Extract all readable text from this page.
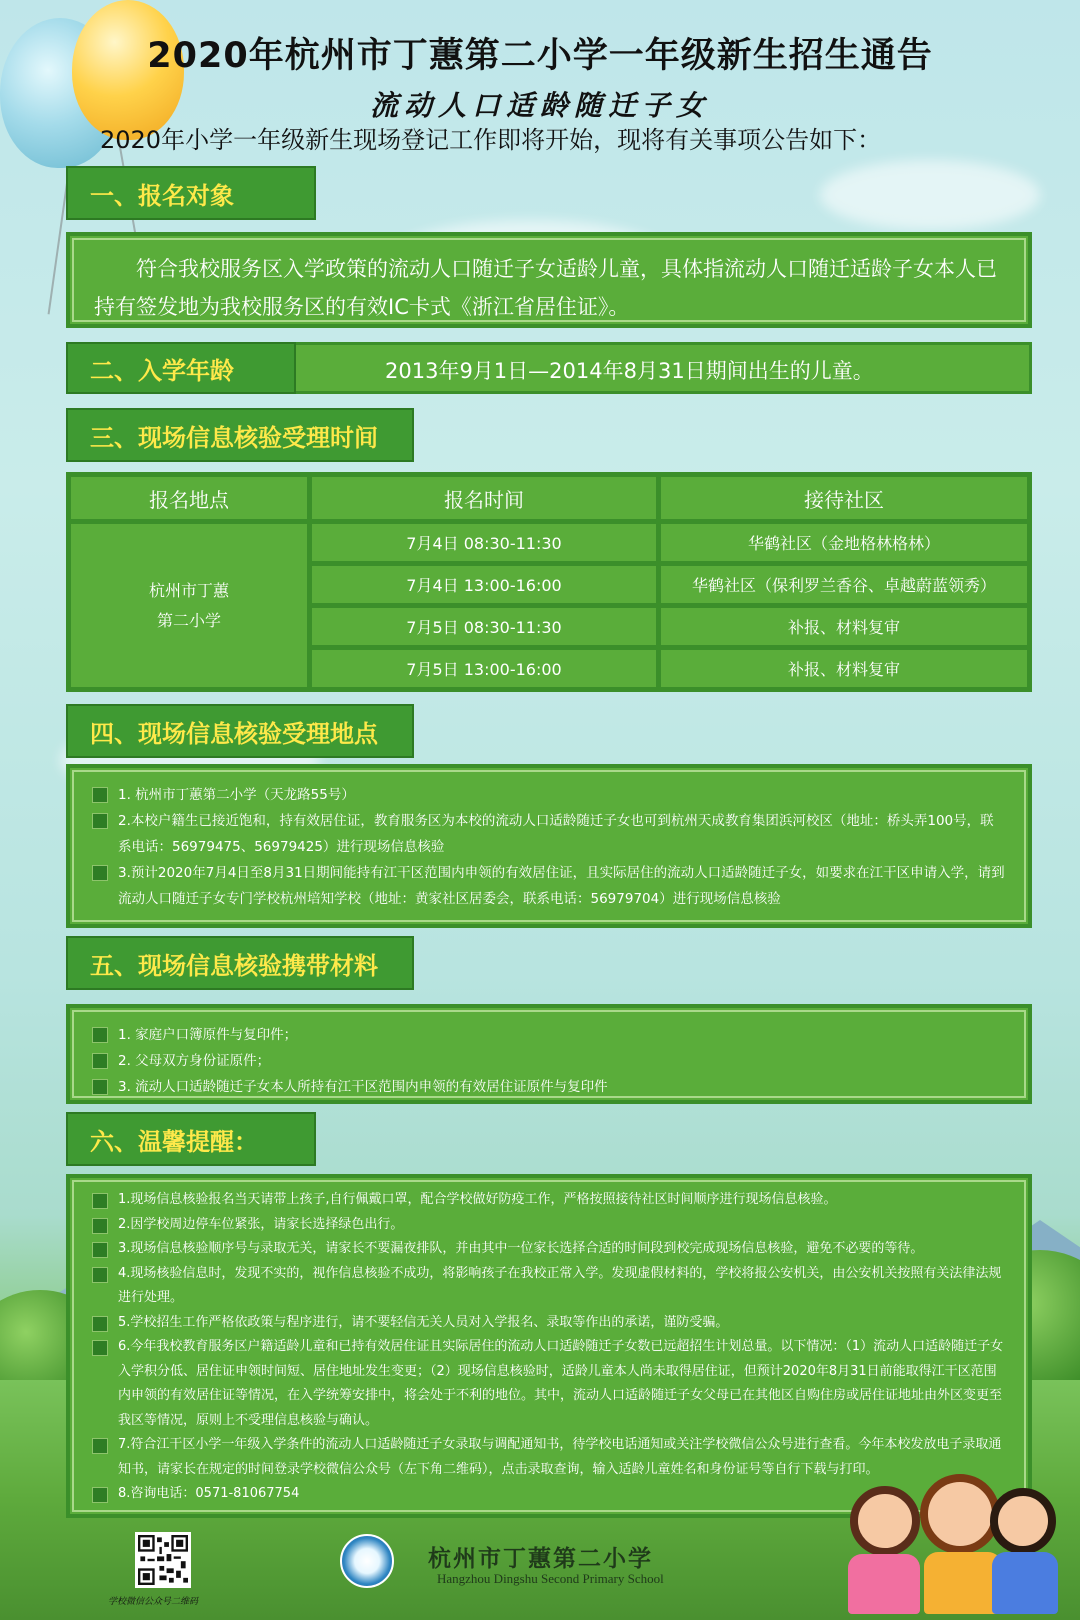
2020年杭州市丁蕙第二小学一年级新生招生通告
流动人口适龄随迁子女
2020年小学一年级新生现场登记工作即将开始，现将有关事项公告如下：
一、报名对象

符合我校服务区入学政策的流动人口随迁子女适龄儿童，具体指流动人口随迁适龄子女本人已持有签发地为我校服务区的有效IC卡式《浙江省居住证》。

2013年9月1日—2014年8月31日期间出生的儿童。
二、入学年龄
三、现场信息核验受理时间
报名地点	报名时间	接待社区

杭州市丁蕙
第二小学	7月4日 08:30-11:30	华鹤社区（金地格林格林）
	7月4日 13:00-16:00	华鹤社区（保利罗兰香谷、卓越蔚蓝领秀）
	7月5日 08:30-11:30	补报、材料复审
	7月5日 13:00-16:00	补报、材料复审
四、现场信息核验受理地点
1. 杭州市丁蕙第二小学（天龙路55号）
2.本校户籍生已接近饱和，持有效居住证，教育服务区为本校的流动人口适龄随迁子女也可到杭州天成教育集团浜河校区（地址：桥头弄100号，联系电话：56979475、56979425）进行现场信息核验
3.预计2020年7月4日至8月31日期间能持有江干区范围内申领的有效居住证，且实际居住的流动人口适龄随迁子女，如要求在江干区申请入学，请到流动人口随迁子女专门学校杭州培知学校（地址：黄家社区居委会，联系电话：56979704）进行现场信息核验
五、现场信息核验携带材料
1. 家庭户口簿原件与复印件；
2. 父母双方身份证原件；
3. 流动人口适龄随迁子女本人所持有江干区范围内申领的有效居住证原件与复印件
六、温馨提醒：
1.现场信息核验报名当天请带上孩子,自行佩戴口罩，配合学校做好防疫工作，严格按照接待社区时间顺序进行现场信息核验。
2.因学校周边停车位紧张，请家长选择绿色出行。
3.现场信息核验顺序号与录取无关，请家长不要漏夜排队，并由其中一位家长选择合适的时间段到校完成现场信息核验，避免不必要的等待。
4.现场核验信息时，发现不实的，视作信息核验不成功，将影响孩子在我校正常入学。发现虚假材料的，学校将报公安机关，由公安机关按照有关法律法规进行处理。
5.学校招生工作严格依政策与程序进行，请不要轻信无关人员对入学报名、录取等作出的承诺，谨防受骗。
6.今年我校教育服务区户籍适龄儿童和已持有效居住证且实际居住的流动人口适龄随迁子女数已远超招生计划总量。以下情况：（1）流动人口适龄随迁子女入学积分低、居住证申领时间短、居住地址发生变更；（2）现场信息核验时，适龄儿童本人尚未取得居住证，但预计2020年8月31日前能取得江干区范围内申领的有效居住证等情况，在入学统筹安排中，将会处于不利的地位。其中，流动人口适龄随迁子女父母已在其他区自购住房或居住证地址由外区变更至我区等情况，原则上不受理信息核验与确认。
7.符合江干区小学一年级入学条件的流动人口适龄随迁子女录取与调配通知书，待学校电话通知或关注学校微信公众号进行查看。今年本校发放电子录取通知书，请家长在规定的时间登录学校微信公众号（左下角二维码），点击录取查询，输入适龄儿童姓名和身份证号等自行下载与打印。
8.咨询电话：0571-81067754
学校微信公众号二维码
杭州市丁蕙第二小学
Hangzhou Dingshu Second Primary School
